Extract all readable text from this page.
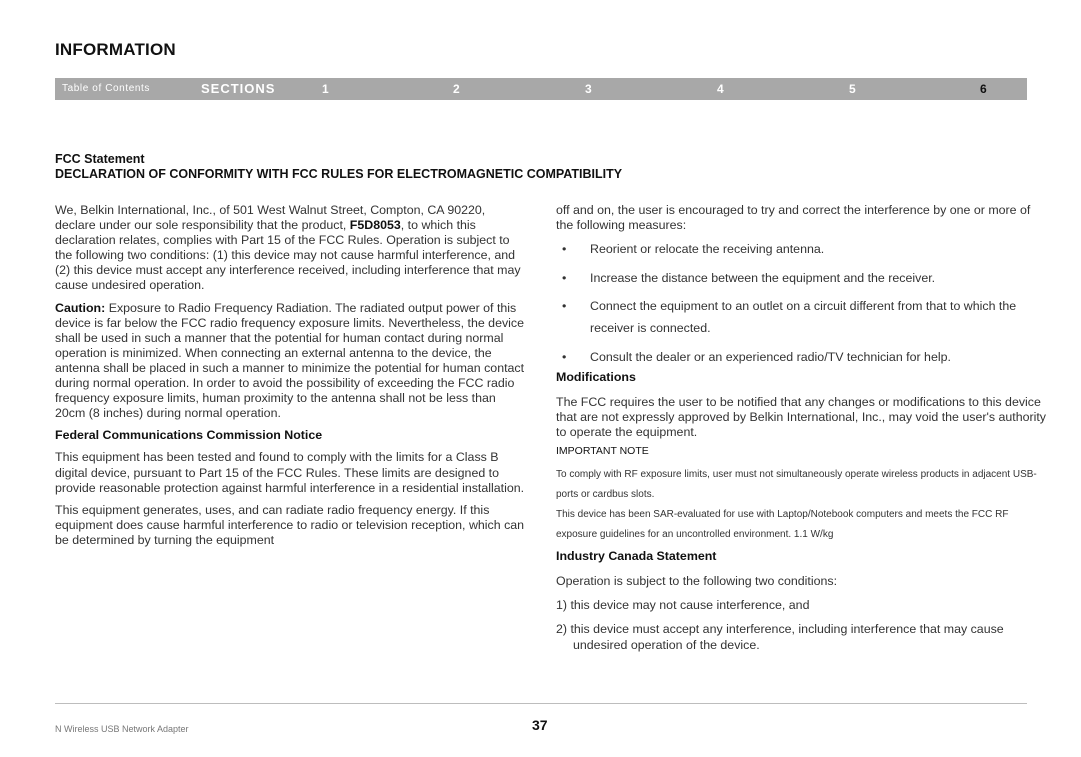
INFORMATION
Table of Contents	SECTIONS	1	2	3	4	5	6
FCC Statement
DECLARATION OF CONFORMITY WITH FCC RULES FOR ELECTROMAGNETIC COMPATIBILITY

We, Belkin International, Inc., of 501 West Walnut Street, Compton, CA 90220, declare under our sole responsibility that the product, F5D8053, to which this declaration relates, complies with Part 15 of the FCC Rules. Operation is subject to the following two conditions: (1) this device may not cause harmful interference, and (2) this device must accept any interference received, including interference that may cause undesired operation.

Caution: Exposure to Radio Frequency Radiation. The radiated output power of this device is far below the FCC radio frequency exposure limits. Nevertheless, the device shall be used in such a manner that the potential for human contact during normal operation is minimized. When connecting an external antenna to the device, the antenna shall be placed in such a manner to minimize the potential for human contact during normal operation. In order to avoid the possibility of exceeding the FCC radio frequency exposure limits, human proximity to the antenna shall not be less than 20cm (8 inches) during normal operation.

Federal Communications Commission Notice

This equipment has been tested and found to comply with the limits for a Class B digital device, pursuant to Part 15 of the FCC Rules. These limits are designed to provide reasonable protection against harmful interference in a residential installation.

This equipment generates, uses, and can radiate radio frequency energy. If this equipment does cause harmful interference to radio or television reception, which can be determined by turning the equipment

off and on, the user is encouraged to try and correct the interference by one or more of the following measures:

• Reorient or relocate the receiving antenna.
• Increase the distance between the equipment and the receiver.
• Connect the equipment to an outlet on a circuit different from that to which the receiver is connected.
• Consult the dealer or an experienced radio/TV technician for help.
Modifications

The FCC requires the user to be notified that any changes or modifications to this device that are not expressly approved by Belkin International, Inc., may void the user's authority to operate the equipment.

IMPORTANT NOTE
To comply with RF exposure limits, user must not simultaneously operate wireless products in adjacent USB-ports or cardbus slots.
This device has been SAR-evaluated for use with Laptop/Notebook computers and meets the FCC RF exposure guidelines for an uncontrolled environment. 1.1 W/kg
Industry Canada Statement

Operation is subject to the following two conditions:

1) this device may not cause interference, and

2) this device must accept any interference, including interference that may cause undesired operation of the device.

N Wireless USB Network Adapter	37
